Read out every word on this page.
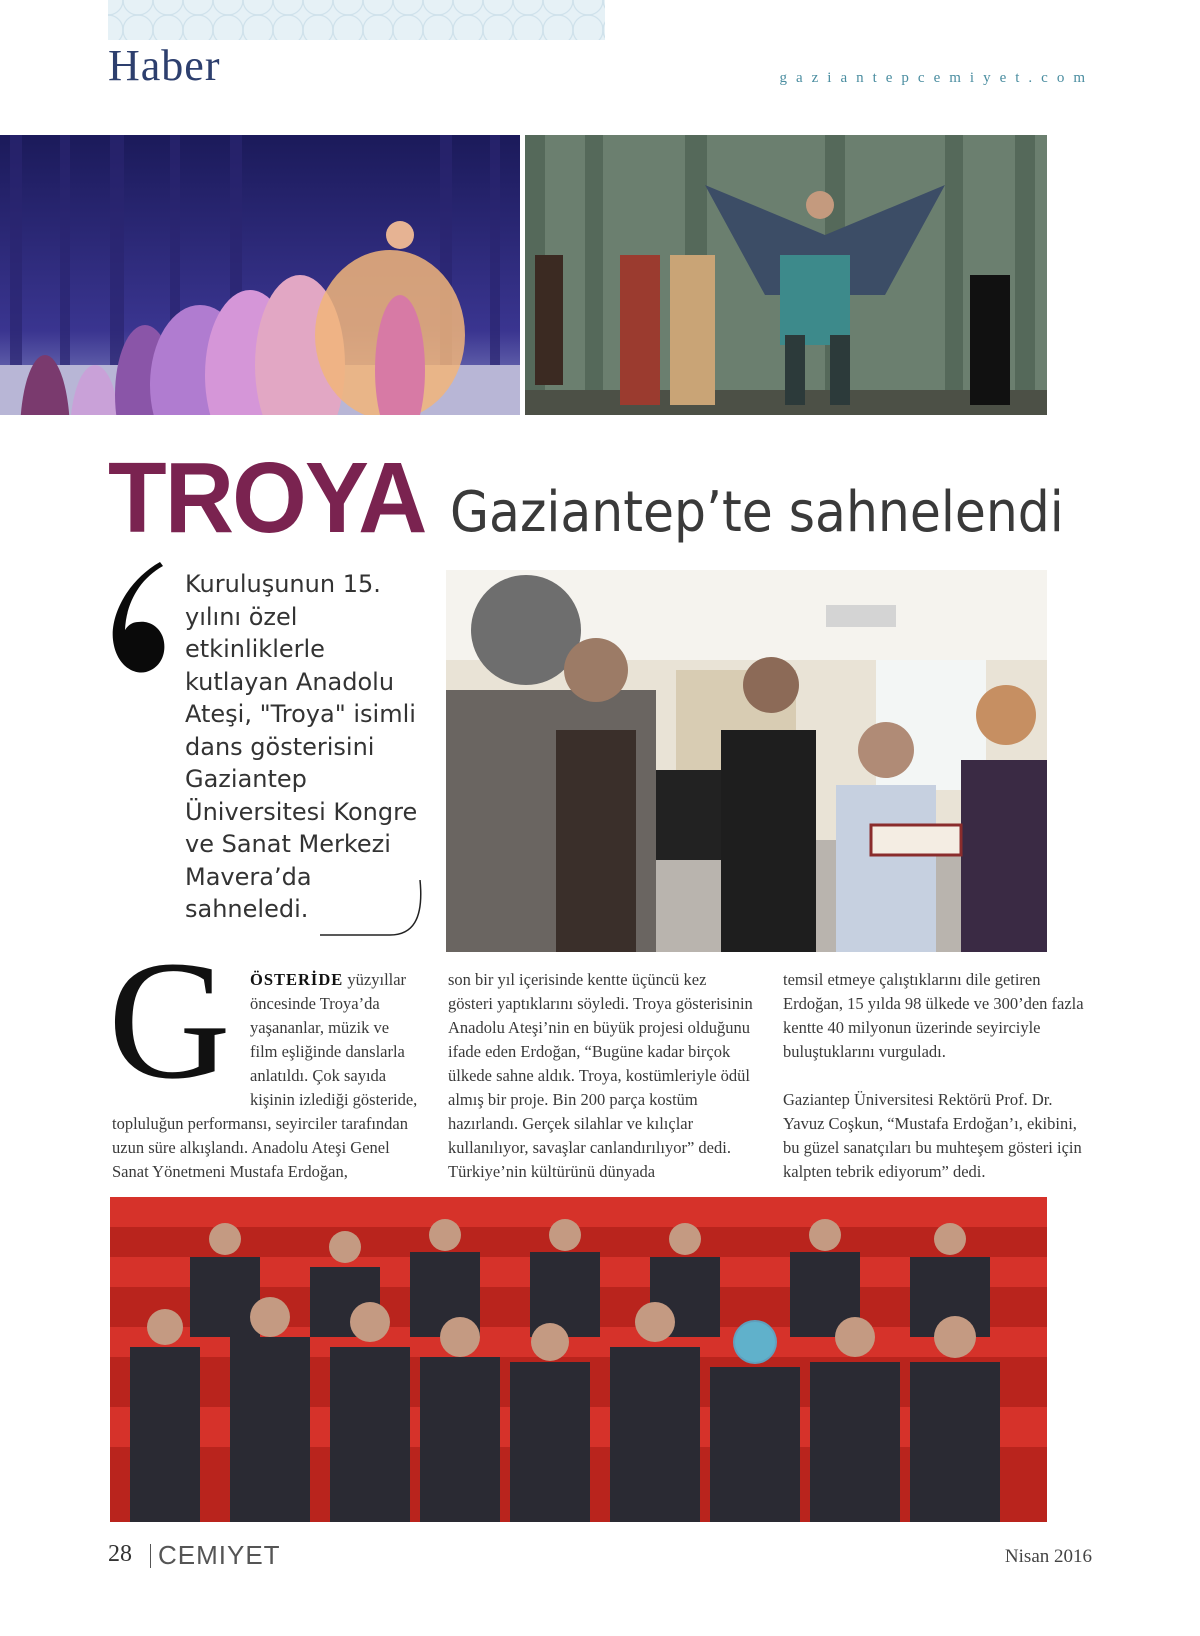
Haber	gaziantepcemiyet.com
TROYA Gaziantep’te sahnelendi
Kuruluşunun 15. yılını özel etkinliklerle kutlayan Anadolu Ateşi, "Troya" isimli dans gösterisini Gaziantep Üniversitesi Kongre ve Sanat Merkezi Mavera’da sahneledi.
G ÖSTERİDE yüzyıllar öncesinde Troya’da yaşananlar, müzik ve film eşliğinde danslarla anlatıldı. Çok sayıda kişinin izlediği gösteride,
topluluğun performansı, seyirciler tarafından uzun süre alkışlandı. Anadolu Ateşi Genel Sanat Yönetmeni Mustafa Erdoğan,
son bir yıl içerisinde kentte üçüncü kez gösteri yaptıklarını söyledi. Troya gösterisinin Anadolu Ateşi’nin en büyük projesi olduğunu ifade eden Erdoğan, “Bugüne kadar birçok ülkede sahne aldık. Troya, kostümleriyle ödül almış bir proje. Bin 200 parça kostüm hazırlandı. Gerçek silahlar ve kılıçlar kullanılıyor, savaşlar canlandırılıyor” dedi. Türkiye’nin kültürünü dünyada
temsil etmeye çalıştıklarını dile getiren Erdoğan, 15 yılda 98 ülkede ve 300’den fazla kentte 40 milyonun üzerinde seyirciyle buluştuklarını vurguladı.
Gaziantep Üniversitesi Rektörü Prof. Dr. Yavuz Coşkun, “Mustafa Erdoğan’ı, ekibini, bu güzel sanatçıları bu muhteşem gösteri için kalpten tebrik ediyorum” dedi.
28 CEMIYET	Nisan 2016
